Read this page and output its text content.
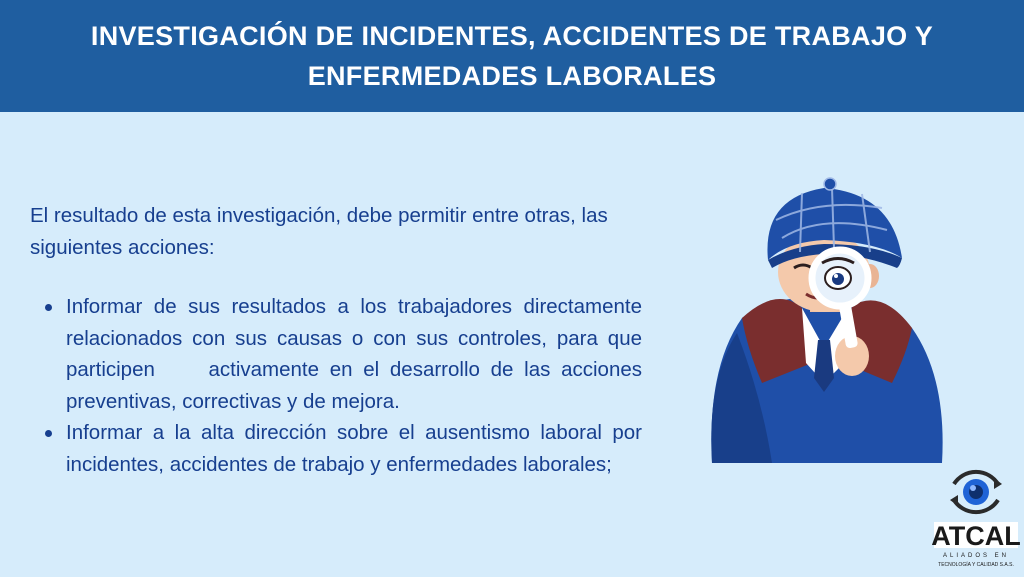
INVESTIGACIÓN DE INCIDENTES, ACCIDENTES DE TRABAJO Y ENFERMEDADES LABORALES

El resultado de esta investigación, debe permitir entre otras, las siguientes acciones:

Informar de sus resultados a los trabajadores directamente relacionados con sus causas o con sus controles, para que participen     activamente en el desarrollo de las acciones preventivas, correctivas y de mejora.
Informar a la alta dirección sobre el ausentismo laboral por incidentes, accidentes de trabajo y enfermedades laborales;
ATCAL
ALIADOS EN
TECNOLOGÍA Y CALIDAD S.A.S.
